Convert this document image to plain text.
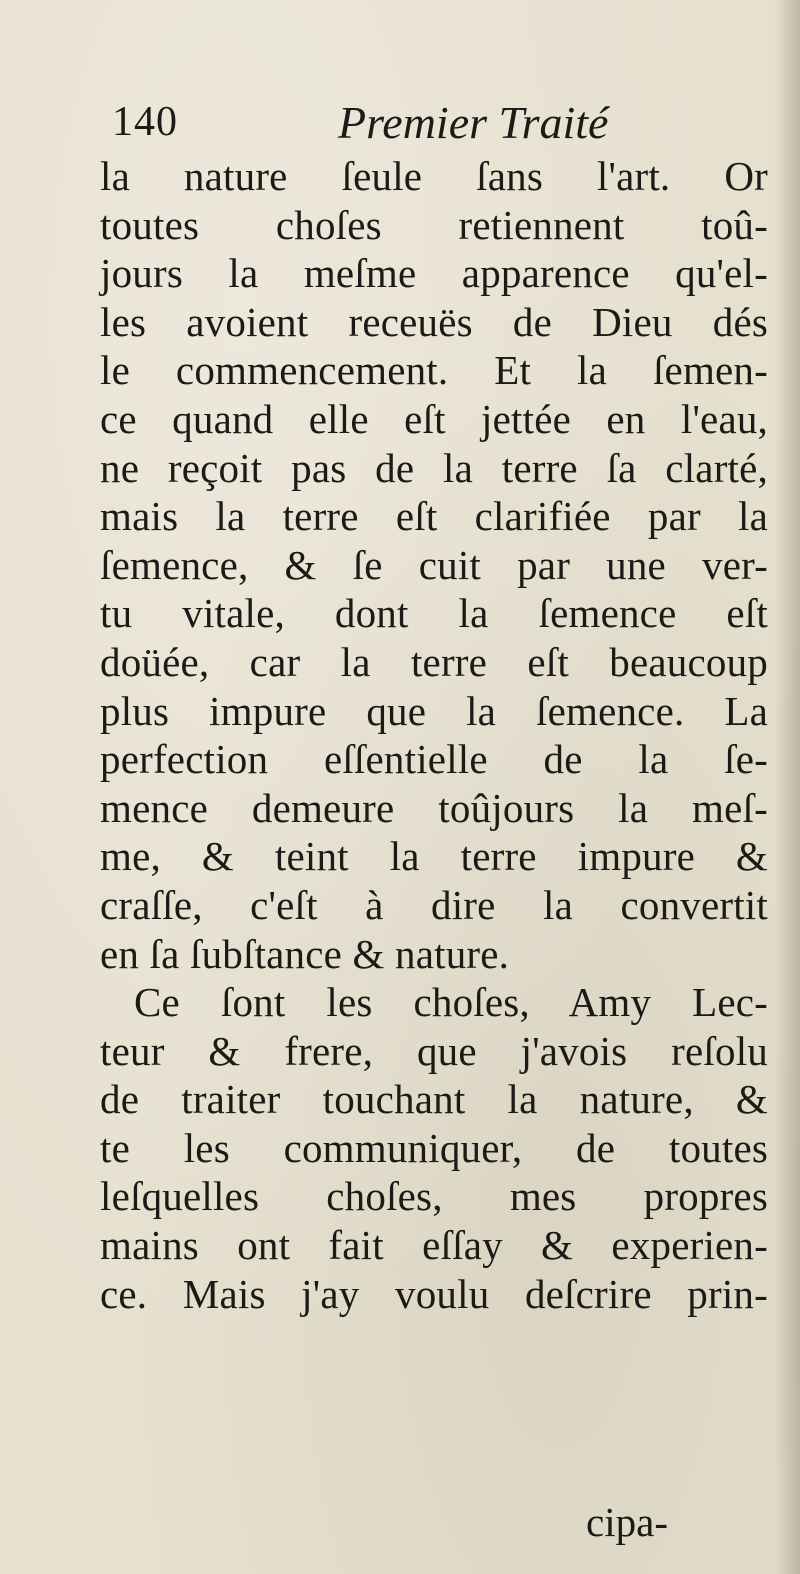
140	Premier Traité
la nature ſeule ſans l'art. Or
toutes choſes retiennent toû-
jours la meſme apparence qu'el-
les avoient receuës de Dieu dés
le commencement. Et la ſemen-
ce quand elle eſt jettée en l'eau,
ne reçoit pas de la terre ſa clarté,
mais la terre eſt clarifiée par la
ſemence, & ſe cuit par une ver-
tu vitale, dont la ſemence eſt
doüée, car la terre eſt beaucoup
plus impure que la ſemence. La
perfection eſſentielle de la ſe-
mence demeure toûjours la meſ-
me, & teint la terre impure &
craſſe, c'eſt à dire la convertit
en ſa ſubſtance & nature.
Ce ſont les choſes, Amy Lec-
teur & frere, que j'avois reſolu
de traiter touchant la nature, &
te les communiquer, de toutes
leſquelles choſes, mes propres
mains ont fait eſſay & experien-
ce. Mais j'ay voulu deſcrire prin-
cipa-
